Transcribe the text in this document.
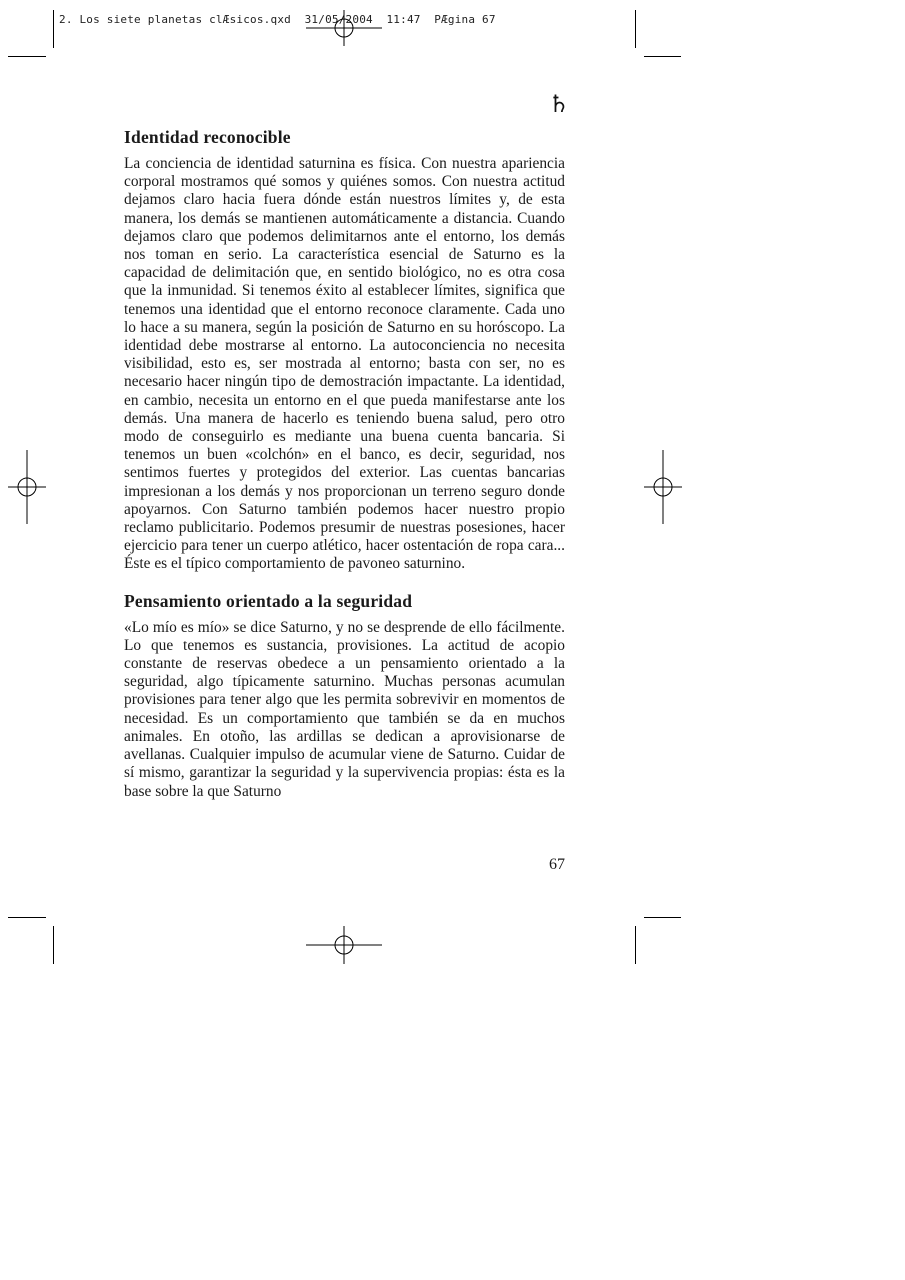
2. Los siete planetas clÆsicos.qxd  31/05/2004  11:47  PÆgina 67
♄
Identidad reconocible

La conciencia de identidad saturnina es física. Con nuestra apariencia corporal mostramos qué somos y quiénes somos. Con nuestra actitud dejamos claro hacia fuera dónde están nuestros límites y, de esta manera, los demás se mantienen automáticamente a distancia. Cuando dejamos claro que podemos delimitarnos ante el entorno, los demás nos toman en serio. La característica esencial de Saturno es la capacidad de delimitación que, en sentido biológico, no es otra cosa que la inmunidad. Si tenemos éxito al establecer límites, significa que tenemos una identidad que el entorno reconoce claramente. Cada uno lo hace a su manera, según la posición de Saturno en su horóscopo. La identidad debe mostrarse al entorno. La autoconciencia no necesita visibilidad, esto es, ser mostrada al entorno; basta con ser, no es necesario hacer ningún tipo de demostración impactante. La identidad, en cambio, necesita un entorno en el que pueda manifestarse ante los demás. Una manera de hacerlo es teniendo buena salud, pero otro modo de conseguirlo es mediante una buena cuenta bancaria. Si tenemos un buen «colchón» en el banco, es decir, seguridad, nos sentimos fuertes y protegidos del exterior. Las cuentas bancarias impresionan a los demás y nos proporcionan un terreno seguro donde apoyarnos. Con Saturno también podemos hacer nuestro propio reclamo publicitario. Podemos presumir de nuestras posesiones, hacer ejercicio para tener un cuerpo atlético, hacer ostentación de ropa cara... Éste es el típico comportamiento de pavoneo saturnino.

Pensamiento orientado a la seguridad

«Lo mío es mío» se dice Saturno, y no se desprende de ello fácilmente. Lo que tenemos es sustancia, provisiones. La actitud de acopio constante de reservas obedece a un pensamiento orientado a la seguridad, algo típicamente saturnino. Muchas personas acumulan provisiones para tener algo que les permita sobrevivir en momentos de necesidad. Es un comportamiento que también se da en muchos animales. En otoño, las ardillas se dedican a aprovisionarse de avellanas. Cualquier impulso de acumular viene de Saturno. Cuidar de sí mismo, garantizar la seguridad y la supervivencia propias: ésta es la base sobre la que Saturno

67
